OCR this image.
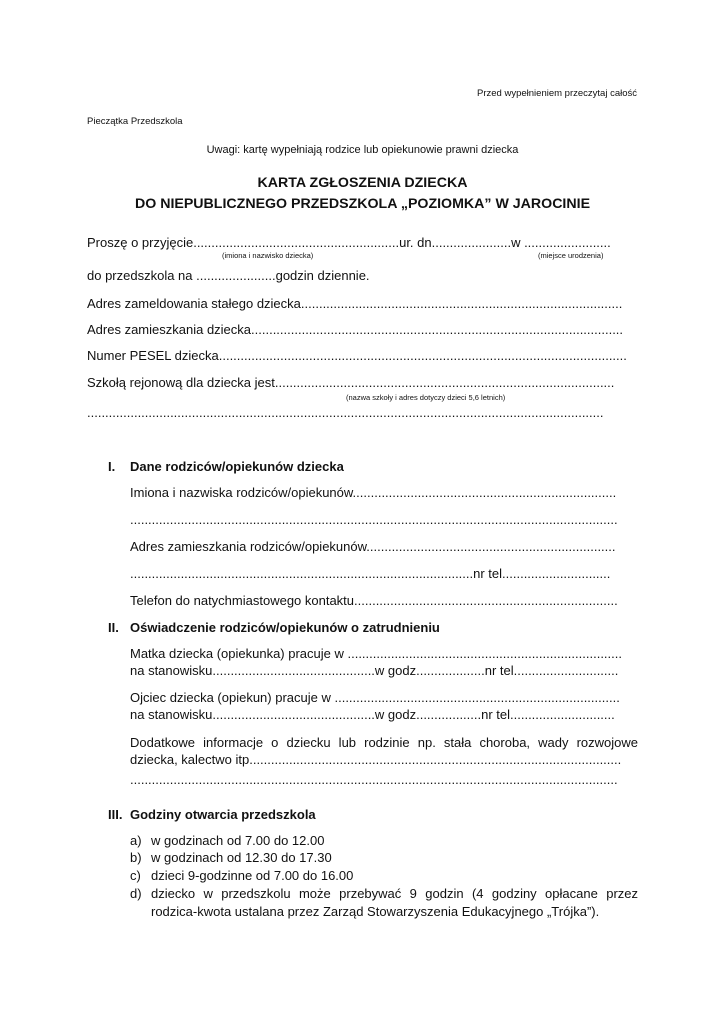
Przed wypełnieniem przeczytaj całość
Pieczątka Przedszkola
Uwagi: kartę wypełniają rodzice lub opiekunowie prawni dziecka
KARTA ZGŁOSZENIA DZIECKA
DO NIEPUBLICZNEGO PRZEDSZKOLA „POZIOMKA” W JAROCINIE
Proszę o przyjęcie.........................................................ur. dn......................w ........................
(imiona i nazwisko dziecka)	(miejsce urodzenia)
do przedszkola na ......................godzin dziennie.
Adres zameldowania stałego dziecka.........................................................................................
Adres zamieszkania dziecka.......................................................................................................
Numer PESEL dziecka.................................................................................................................
Szkołą rejonową dla dziecka jest..............................................................................................
(nazwa szkoły i adres dotyczy dzieci 5,6 letnich)
...............................................................................................................................................
I. Dane rodziców/opiekunów dziecka
Imiona i nazwiska rodziców/opiekunów.........................................................................
.......................................................................................................................................
Adres zamieszkania rodziców/opiekunów.....................................................................
...............................................................................................nr tel..............................
Telefon do natychmiastowego kontaktu.........................................................................
II. Oświadczenie rodziców/opiekunów o zatrudnieniu
Matka dziecka (opiekunka) pracuje w ............................................................................
na stanowisku.............................................w godz...................nr tel.............................
Ojciec dziecka (opiekun) pracuje w ...............................................................................
na stanowisku.............................................w godz..................nr tel.............................
Dodatkowe informacje o dziecku lub rodzinie np. stała choroba, wady rozwojowe
dziecka, kalectwo itp.......................................................................................................
.......................................................................................................................................
III. Godziny otwarcia przedszkola
a) w godzinach od 7.00 do 12.00
b) w godzinach od 12.30 do 17.30
c) dzieci 9-godzinne od 7.00 do 16.00
d) dziecko w przedszkolu może przebywać 9 godzin (4 godziny opłacane przez
rodzica-kwota ustalana przez Zarząd Stowarzyszenia Edukacyjnego „Trójka”).
